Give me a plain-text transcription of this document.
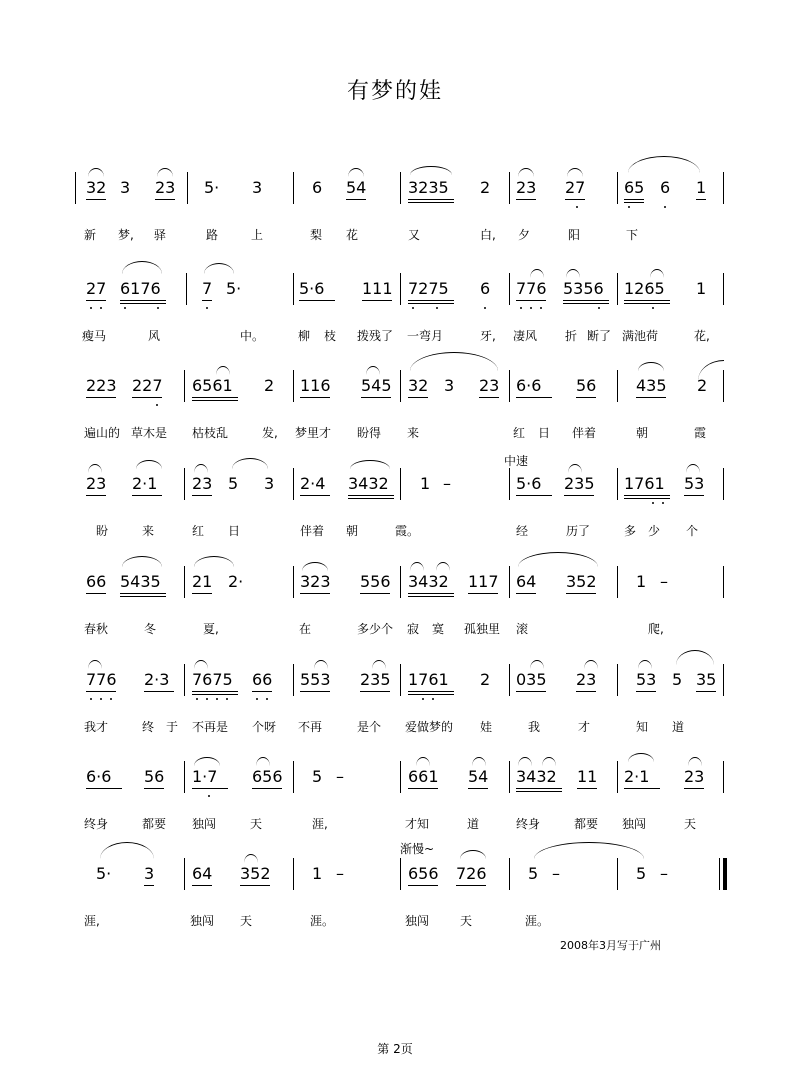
有梦的娃
32 3 23 5· 3	6 54	3235 2 23 27 65 6 1
新 梦, 驿	路	上	梨 花	又	白, 夕	阳	下
27 6176	7 5·	5·6 111 7275 6 776 5356 1265 1
瘦马	风	中。	柳 枝 拨残了 一弯月	牙, 凄风 折 断了 满池荷	花,
223 227 6561 2 116 545 32 3 23 6·6 56 435 2
遍山的 草木是 枯枝乱	发, 梦里才 盼得 来	红 日 伴着	朝	霞
中速
23 2·1 23 5 3 2·4 3432 1 –	5·6 235 1761 53
盼	来	红 日	伴着 朝	霞。	经	历了	多 少 个
66 5435 21 2·	323 556 3432 117 64 352 1 –
春秋	冬	夏,	在	多少个 寂 寞 孤独里 滚	爬,
776 2·3 7675 66 553 235 1761 2 035 23 53 5 35
我才	终 于 不再是 个呀 不再	是个 爱做梦的 娃	我	才	知 道
6·6 56 1·7 656 5 –	661 54 3432 11 2·1 23
终身	都要 独闯	天	涯,	才知	道	终身	都要 独闯	天
渐慢~
5· 3 64 352	1 –	656 726	5 –	5 –
涯,	独闯 天	涯。	独闯	天	涯。
2008年3月写于广州
第 2页
